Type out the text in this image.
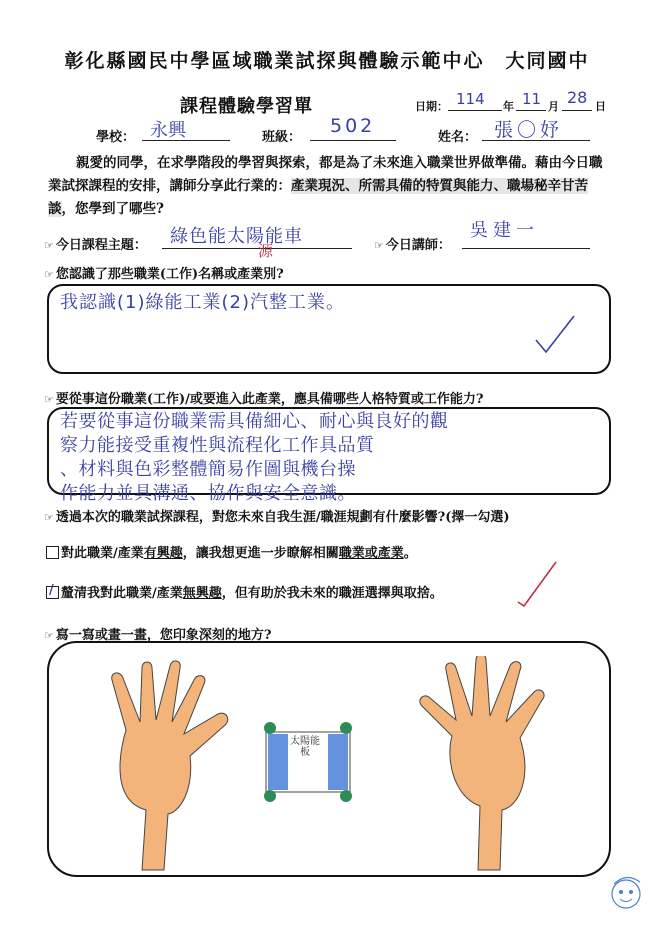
彰化縣國民中學區域職業試探與體驗示範中心　大同國中
課程體驗學習單	日期： 114 年 11 月 28 日
學校： 永興	班級：
502
姓名： 張〇妤
親愛的同學，在求學階段的學習與探索，都是為了未來進入職業世界做準備。藉由今日職業試探課程的安排，講師分享此行業的：產業現況、所需具備的特質與能力、職場秘辛甘苦談，您學到了哪些?
☞ 今日課程主題： 綠色能太陽能車
源	☞ 今日講師：
吳建一
☞ 您認識了那些職業(工作)名稱或產業別?
我認識(1)綠能工業(2)汽整工業。
☞ 要從事這份職業(工作)/或要進入此產業，應具備哪些人格特質或工作能力?
若要從事這份職業需具備細心、耐心與良好的觀
察力能接受重複性與流程化工作具品質
、材料與色彩整體簡易作圖與機台操
作能力並具溝通、協作與安全意識。
☞ 透過本次的職業試探課程，對您未來自我生涯/職涯規劃有什麼影響?(擇一勾選)
對此職業/產業有興趣，讓我想更進一步瞭解相關職業或產業。
/ 釐清我對此職業/產業無興趣，但有助於我未來的職涯選擇與取捨。
☞ 寫一寫或畫一畫，您印象深刻的地方?
太陽能板
